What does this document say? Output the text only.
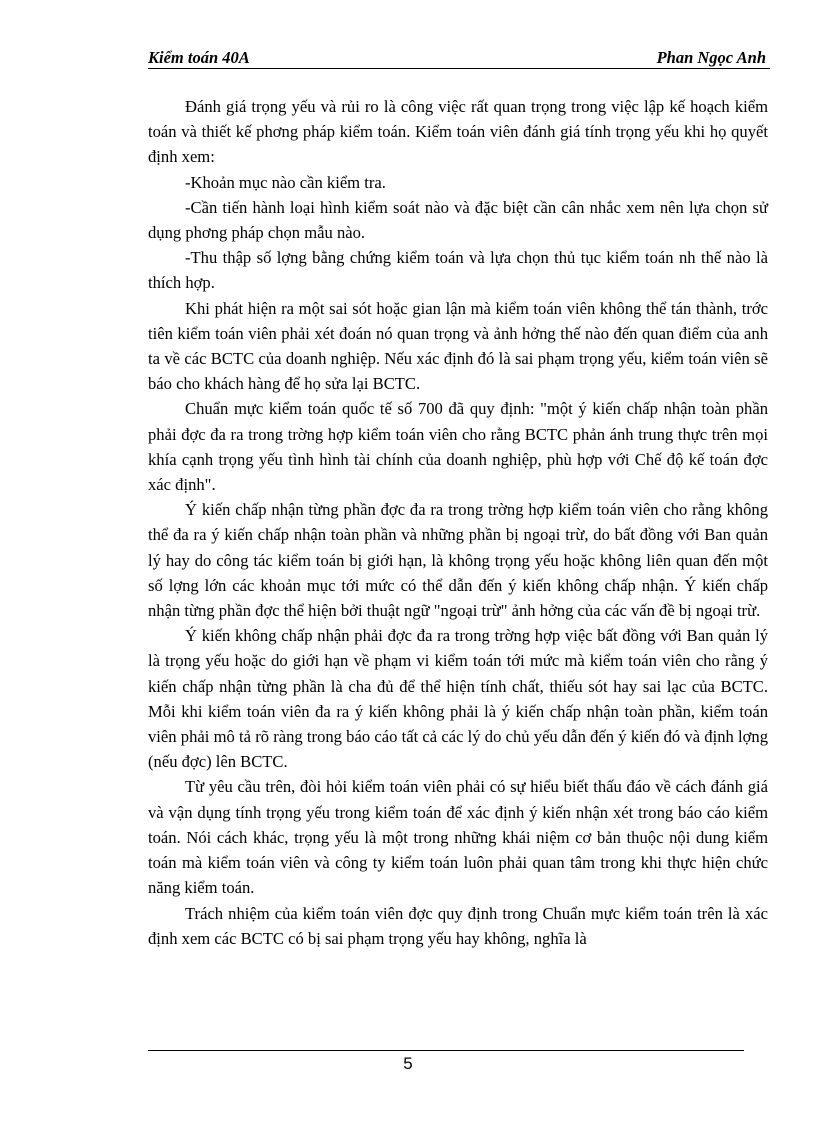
Kiểm toán 40A	Phan Ngọc Anh

Đánh giá trọng yếu và rủi ro là công việc rất quan trọng trong việc lập kế hoạch kiểm toán và thiết kế phơng pháp kiểm toán. Kiểm toán viên đánh giá tính trọng yếu khi họ quyết định xem:

-Khoản mục nào cần kiểm tra.

-Cần tiến hành loại hình kiểm soát nào và đặc biệt cần cân nhắc xem nên lựa chọn sử dụng phơng pháp chọn mẫu nào.

-Thu thập số lợng bằng chứng kiểm toán và lựa chọn thủ tục kiểm toán nh thế nào là thích hợp.

Khi phát hiện ra một sai sót hoặc gian lận mà kiểm toán viên không thể tán thành, trớc tiên kiểm toán viên phải xét đoán nó quan trọng và ảnh hởng thế nào đến quan điểm của anh ta về các BCTC của doanh nghiệp. Nếu xác định đó là sai phạm trọng yếu, kiểm toán viên sẽ báo cho khách hàng để họ sửa lại BCTC.

Chuẩn mực kiểm toán quốc tế số 700 đã quy định: "một ý kiến chấp nhận toàn phần phải đợc đa ra trong trờng hợp kiểm toán viên cho rằng BCTC phản ánh trung thực trên mọi khía cạnh trọng yếu tình hình tài chính của doanh nghiệp, phù hợp với Chế độ kế toán đợc xác định".

Ý kiến chấp nhận từng phần đợc đa ra trong trờng hợp kiểm toán viên cho rằng không thể đa ra ý kiến chấp nhận toàn phần và những phần bị ngoại trừ, do bất đồng với Ban quản lý hay do công tác kiểm toán bị giới hạn, là không trọng yếu hoặc không liên quan đến một số lợng lớn các khoản mục tới mức có thể dẫn đến ý kiến không chấp nhận. Ý kiến chấp nhận từng phần đợc thể hiện bởi thuật ngữ "ngoại trừ" ảnh hởng của các vấn đề bị ngoại trừ.

Ý kiến không chấp nhận phải đợc đa ra trong trờng hợp việc bất đồng với Ban quản lý là trọng yếu hoặc do giới hạn về phạm vi kiểm toán tới mức mà kiểm toán viên cho rằng ý kiến chấp nhận từng phần là cha đủ để thể hiện tính chất, thiếu sót hay sai lạc của BCTC. Mỗi khi kiểm toán viên đa ra ý kiến không phải là ý kiến chấp nhận toàn phần, kiểm toán viên phải mô tả rõ ràng trong báo cáo tất cả các lý do chủ yếu dẫn đến ý kiến đó và định lợng (nếu đợc) lên BCTC.

Từ yêu cầu trên, đòi hỏi kiểm toán viên phải có sự hiểu biết thấu đáo về cách đánh giá và vận dụng tính trọng yếu trong kiểm toán để xác định ý kiến nhận xét trong báo cáo kiểm toán. Nói cách khác, trọng yếu là một trong những khái niệm cơ bản thuộc nội dung kiểm toán mà kiểm toán viên và công ty kiểm toán luôn phải quan tâm trong khi thực hiện chức năng kiểm toán.

Trách nhiệm của kiểm toán viên đợc quy định trong Chuẩn mực kiểm toán trên là xác định xem các BCTC có bị sai phạm trọng yếu hay không, nghĩa là

5
